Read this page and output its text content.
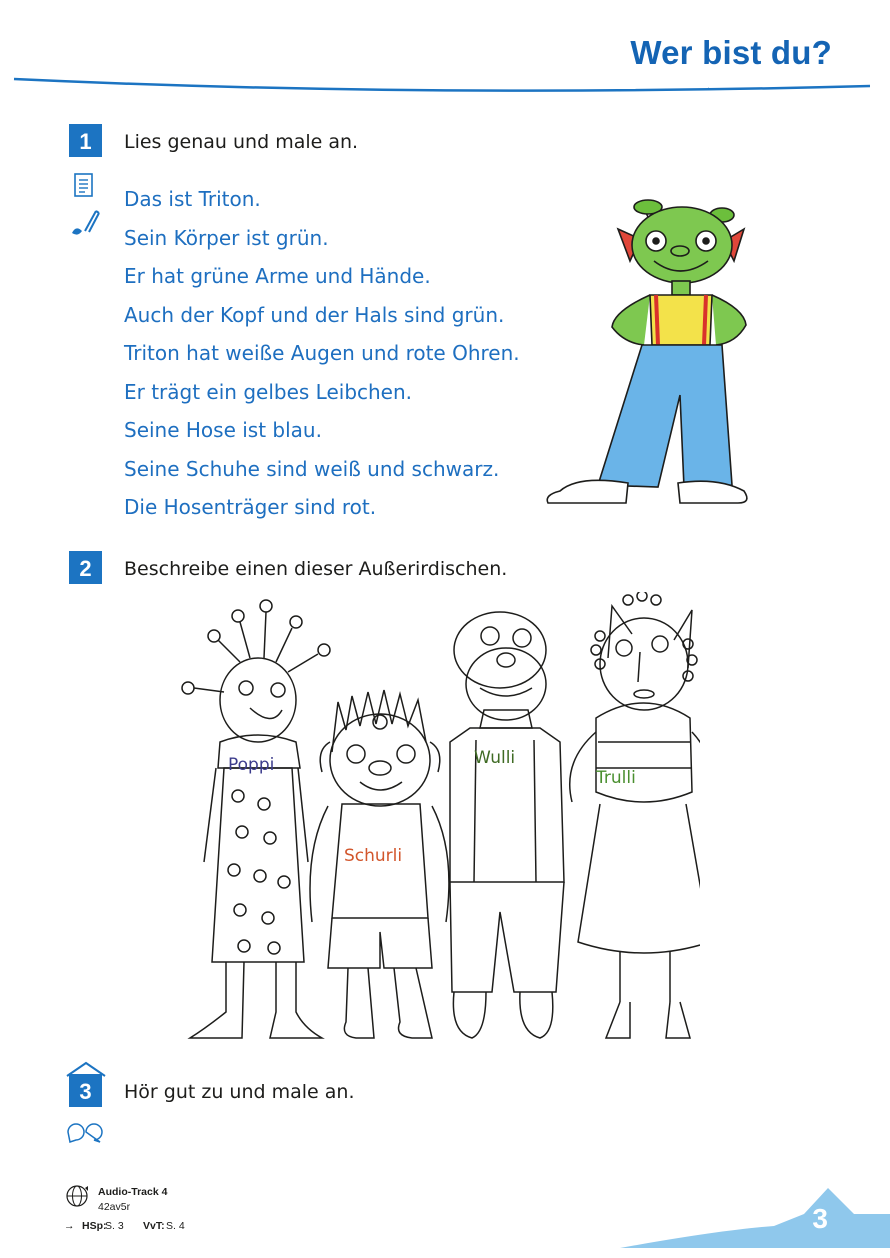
Wer bist du?
1	Lies genau und male an.
Das ist Triton.
Sein Körper ist grün.
Er hat grüne Arme und Hände.
Auch der Kopf und der Hals sind grün.
Triton hat weiße Augen und rote Ohren.
Er trägt ein gelbes Leibchen.
Seine Hose ist blau.
Seine Schuhe sind weiß und schwarz.
Die Hosenträger sind rot.
2	Beschreibe einen dieser Außerirdischen.
Poppi
Schurli
Wulli
Trulli
3	Hör gut zu und male an.
Audio-Track 4
42av5r
→ HSp:
S. 3 VvT: S. 4	3
